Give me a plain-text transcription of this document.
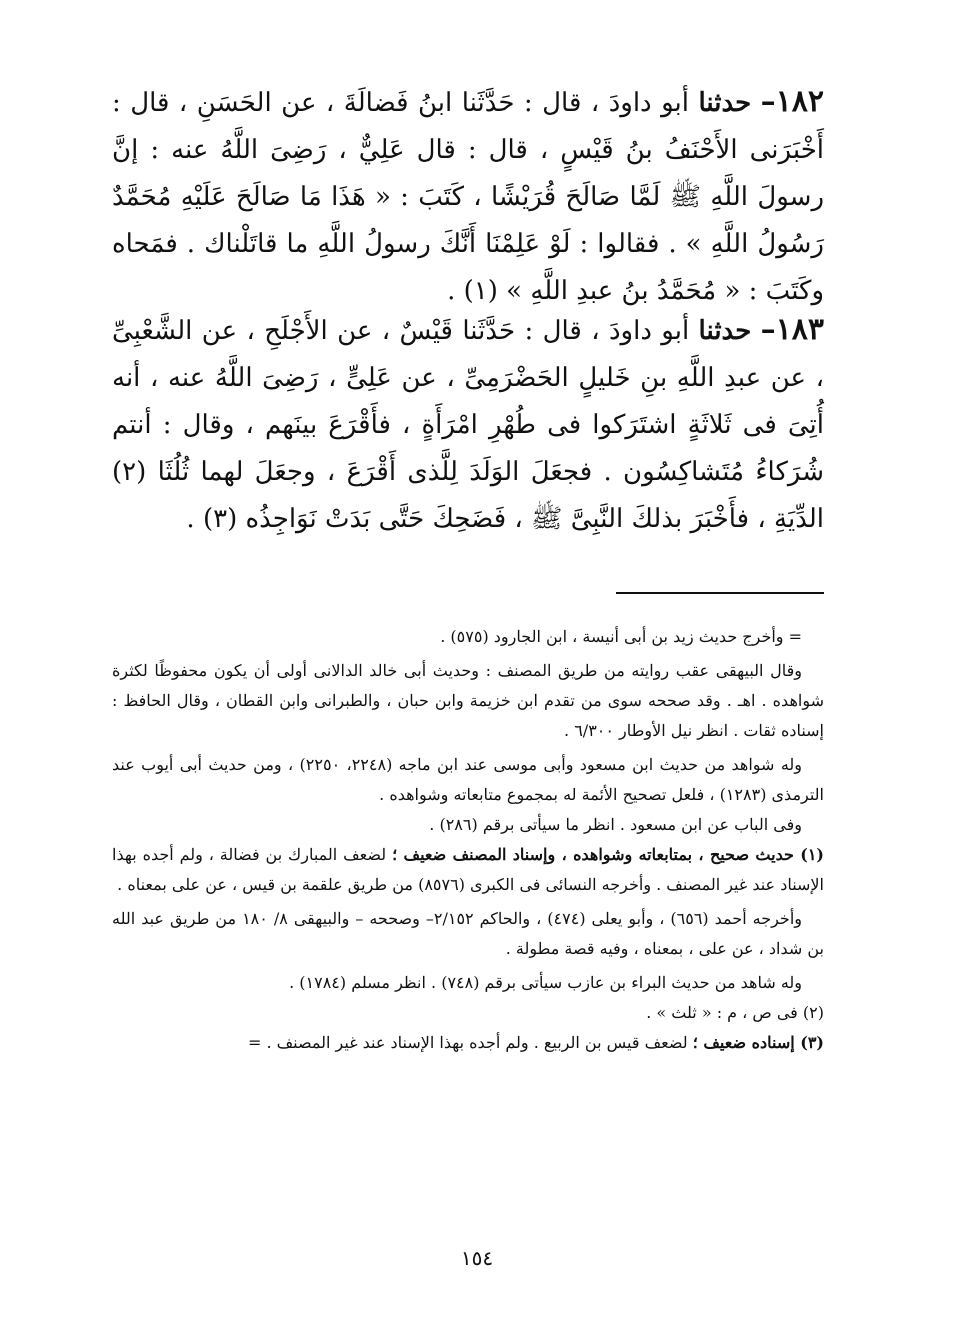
١٨٢– حدثنا أبو داودَ ، قال : حَدَّثَنا ابنُ فَضالَةَ ، عن الحَسَنِ ، قال : أَخْبَرَنى الأَحْنَفُ بنُ قَيْسٍ ، قال : قال عَلِيٌّ ، رَضِىَ اللَّهُ عنه : إنَّ رسولَ اللَّهِ ﷺ لَمَّا صَالَحَ قُرَيْشًا ، كَتَبَ : « هَذَا مَا صَالَحَ عَلَيْهِ مُحَمَّدٌ رَسُولُ اللَّهِ » . فقالوا : لَوْ عَلِمْنَا أَنَّكَ رسولُ اللَّهِ ما قاتَلْناك . فمَحاه وكَتَبَ : « مُحَمَّدُ بنُ عبدِ اللَّهِ » (١) .

١٨٣– حدثنا أبو داودَ ، قال : حَدَّثَنا قَيْسٌ ، عن الأَجْلَحِ ، عن الشَّعْبِىِّ ، عن عبدِ اللَّهِ بنِ خَليلٍ الحَضْرَمِىِّ ، عن عَلِىٍّ ، رَضِىَ اللَّهُ عنه ، أنه أُتِىَ فى ثَلاثَةٍ اشتَرَكوا فى طُهْرِ امْرَأَةٍ ، فأَقْرَعَ بينَهم ، وقال : أنتم شُرَكاءُ مُتَشاكِسُون . فجعَلَ الوَلَدَ لِلَّذى أَقْرَعَ ، وجعَلَ لهما ثُلُثَا (٢) الدِّيَةِ ، فأَخْبَرَ بذلكَ النَّبِىَّ ﷺ ، فَضَحِكَ حَتَّى بَدَتْ نَوَاجِذُه (٣) .

= وأخرج حديث زيد بن أبى أنيسة ، ابن الجارود (٥٧٥) .

وقال البيهقى عقب روايته من طريق المصنف : وحديث أبى خالد الدالانى أولى أن يكون محفوظًا لكثرة شواهده . اهـ . وقد صححه سوى من تقدم ابن خزيمة وابن حبان ، والطبرانى وابن القطان ، وقال الحافظ : إسناده ثقات . انظر نيل الأوطار ٦/٣٠٠ .

وله شواهد من حديث ابن مسعود وأبى موسى عند ابن ماجه (٢٢٤٨، ٢٢٥٠) ، ومن حديث أبى أيوب عند الترمذى (١٢٨٣) ، فلعل تصحيح الأئمة له بمجموع متابعاته وشواهده .

وفى الباب عن ابن مسعود . انظر ما سيأتى برقم (٢٨٦) .

(١) حديث صحيح ، بمتابعاته وشواهده ، وإسناد المصنف ضعيف ؛ لضعف المبارك بن فضالة ، ولم أجده بهذا الإسناد عند غير المصنف . وأخرجه النسائى فى الكبرى (٨٥٧٦) من طريق علقمة بن قيس ، عن على بمعناه .

وأخرجه أحمد (٦٥٦) ، وأبو يعلى (٤٧٤) ، والحاكم ٢/١٥٢– وصححه – والبيهقى ٨/ ١٨٠ من طريق عبد الله بن شداد ، عن على ، بمعناه ، وفيه قصة مطولة .

وله شاهد من حديث البراء بن عازب سيأتى برقم (٧٤٨) . انظر مسلم (١٧٨٤) .

(٢) فى ص ، م : « ثلث » .

(٣) إسناده ضعيف ؛ لضعف قيس بن الربيع . ولم أجده بهذا الإسناد عند غير المصنف . =

١٥٤
